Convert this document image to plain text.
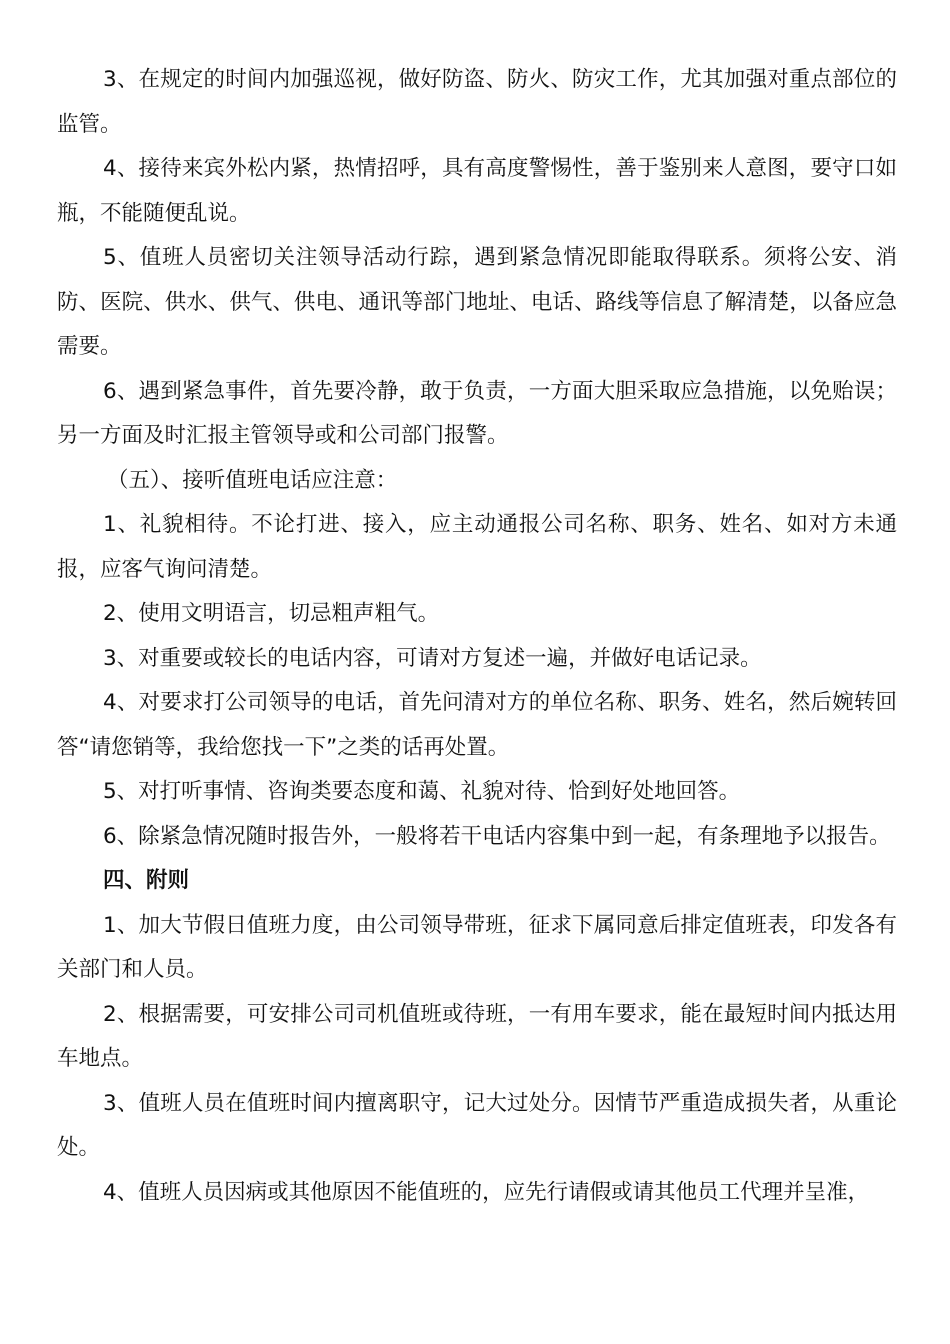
3、在规定的时间内加强巡视，做好防盗、防火、防灾工作，尤其加强对重点部位的监管。

4、接待来宾外松内紧，热情招呼，具有高度警惕性，善于鉴别来人意图，要守口如瓶，不能随便乱说。

5、值班人员密切关注领导活动行踪，遇到紧急情况即能取得联系。须将公安、消防、医院、供水、供气、供电、通讯等部门地址、电话、路线等信息了解清楚，以备应急需要。

6、遇到紧急事件，首先要冷静，敢于负责，一方面大胆采取应急措施，以免贻误；另一方面及时汇报主管领导或和公司部门报警。

（五）、接听值班电话应注意：

1、礼貌相待。不论打进、接入，应主动通报公司名称、职务、姓名、如对方未通报，应客气询问清楚。

2、使用文明语言，切忌粗声粗气。

3、对重要或较长的电话内容，可请对方复述一遍，并做好电话记录。

4、对要求打公司领导的电话，首先问清对方的单位名称、职务、姓名，然后婉转回答“请您销等，我给您找一下”之类的话再处置。

5、对打听事情、咨询类要态度和蔼、礼貌对待、恰到好处地回答。

6、除紧急情况随时报告外，一般将若干电话内容集中到一起，有条理地予以报告。

四、附则

1、加大节假日值班力度，由公司领导带班，征求下属同意后排定值班表，印发各有关部门和人员。

2、根据需要，可安排公司司机值班或待班，一有用车要求，能在最短时间内抵达用车地点。

3、值班人员在值班时间内擅离职守，记大过处分。因情节严重造成损失者，从重论处。

4、值班人员因病或其他原因不能值班的，应先行请假或请其他员工代理并呈准，
